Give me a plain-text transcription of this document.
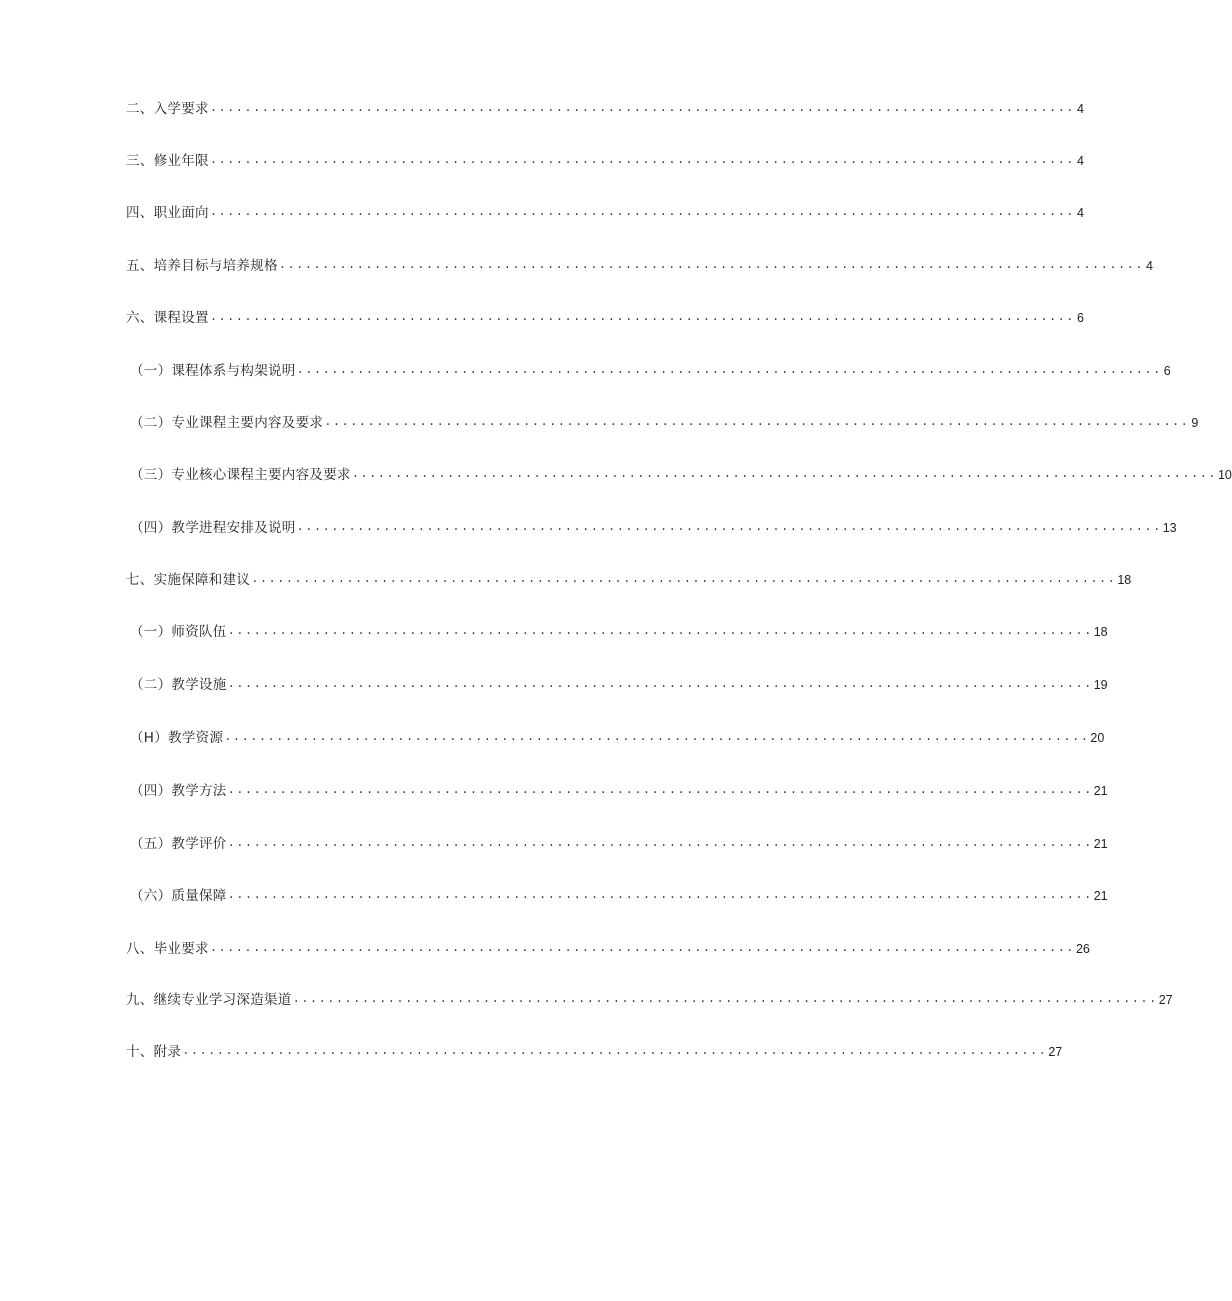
二、入学要求 .................................................................................................... 4
三、修业年限 .................................................................................................... 4
四、职业面向 .................................................................................................... 4
五、培养目标与培养规格 .................................................................................................... 4
六、课程设置 .................................................................................................... 6
（一）课程体系与构架说明 .................................................................................................... 6
（二）专业课程主要内容及要求 .................................................................................................... 9
（三）专业核心课程主要内容及要求 .................................................................................................... 10
（四）教学进程安排及说明 .................................................................................................... 13
七、实施保障和建议 .................................................................................................... 18
（一）师资队伍 .................................................................................................... 18
（二）教学设施 .................................................................................................... 19
（H）教学资源 .................................................................................................... 20
（四）教学方法 .................................................................................................... 21
（五）教学评价 .................................................................................................... 21
（六）质量保障 .................................................................................................... 21
八、毕业要求 .................................................................................................... 26
九、继续专业学习深造渠道 .................................................................................................... 27
十、附录 .................................................................................................... 27
